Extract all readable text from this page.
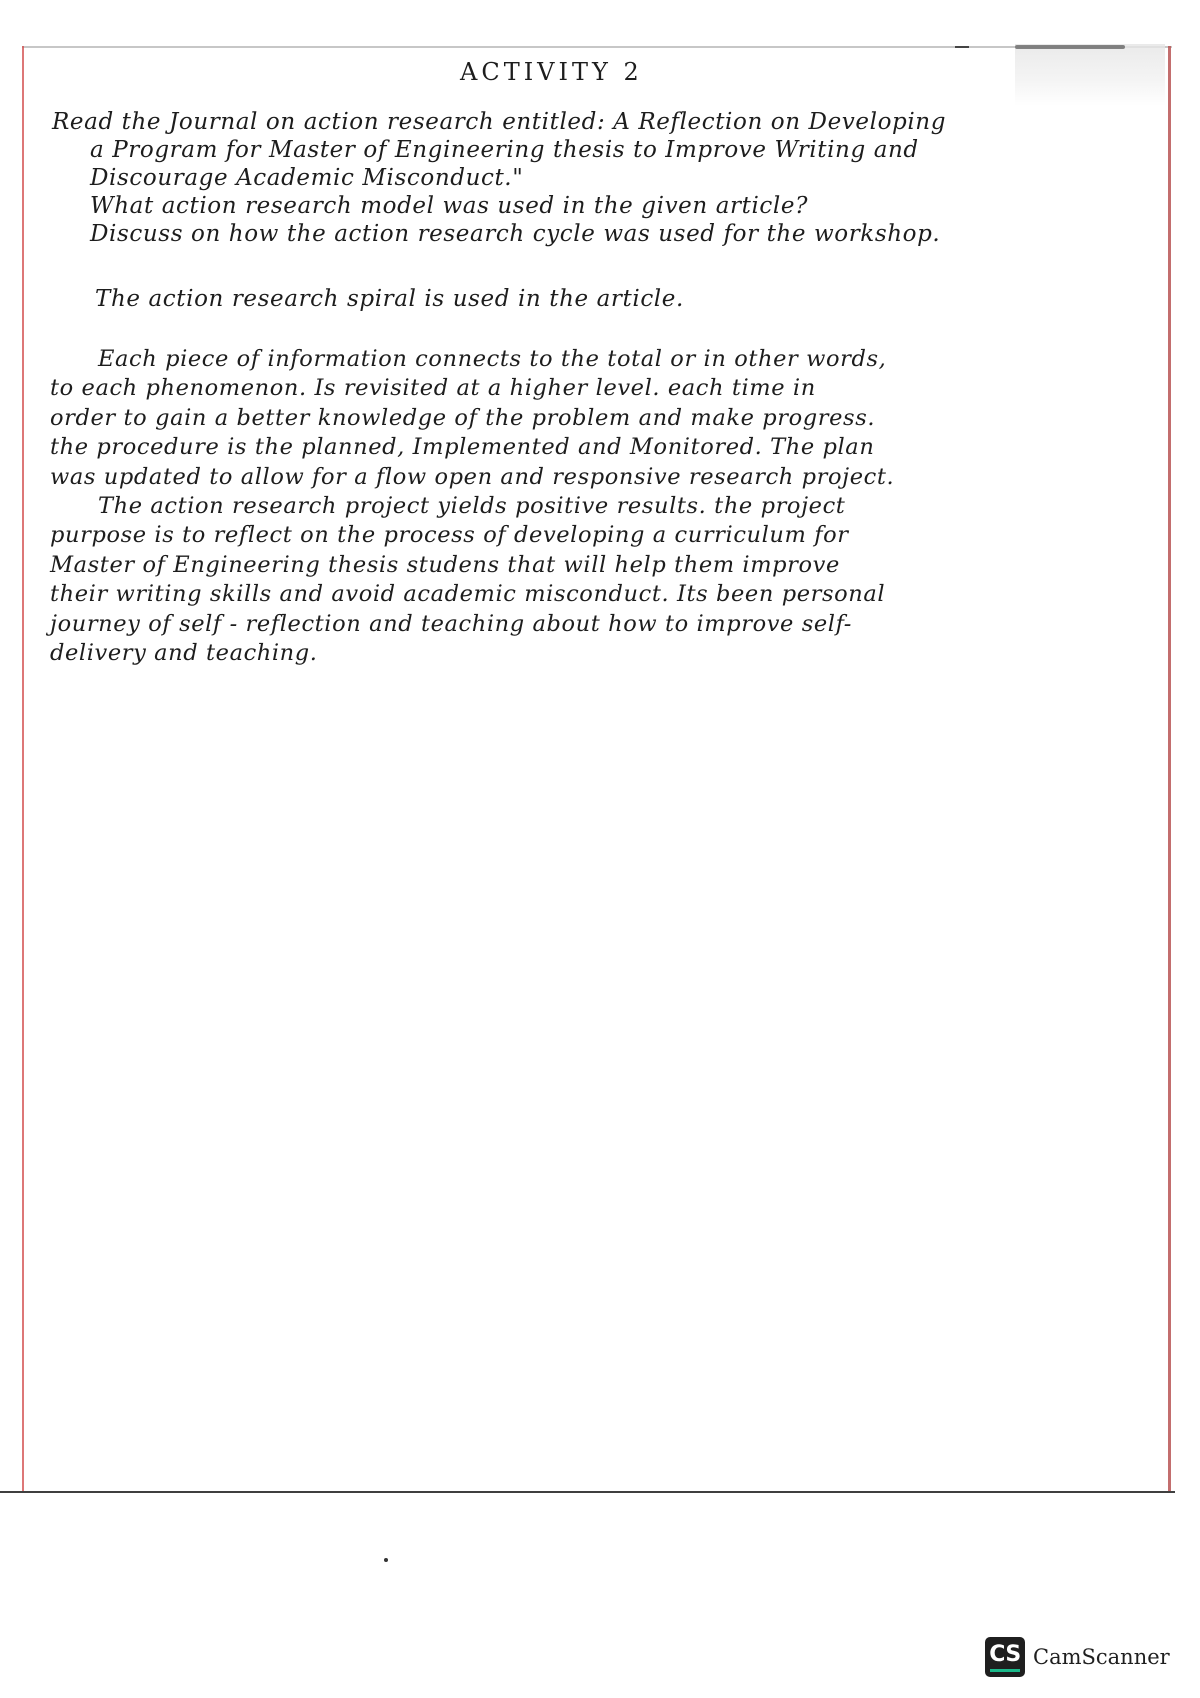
ACTIVITY 2
Read the Journal on action research entitled: A Reflection on Developing
a Program for Master of Engineering thesis to Improve Writing and
Discourage Academic Misconduct."
What action research model was used in the given article?
Discuss on how the action research cycle was used for the workshop.
The action research spiral is used in the article.
Each piece of information connects to the total or in other words,
to each phenomenon. Is revisited at a higher level. each time in
order to gain a better knowledge of the problem and make progress.
the procedure is the planned, Implemented and Monitored. The plan
was updated to allow for a flow open and responsive research project.
The action research project yields positive results. the project
purpose is to reflect on the process of developing a curriculum for
Master of Engineering thesis studens that will help them improve
their writing skills and avoid academic misconduct. Its been personal
journey of self - reflection and teaching about how to improve self-
delivery and teaching.
CS CamScanner
